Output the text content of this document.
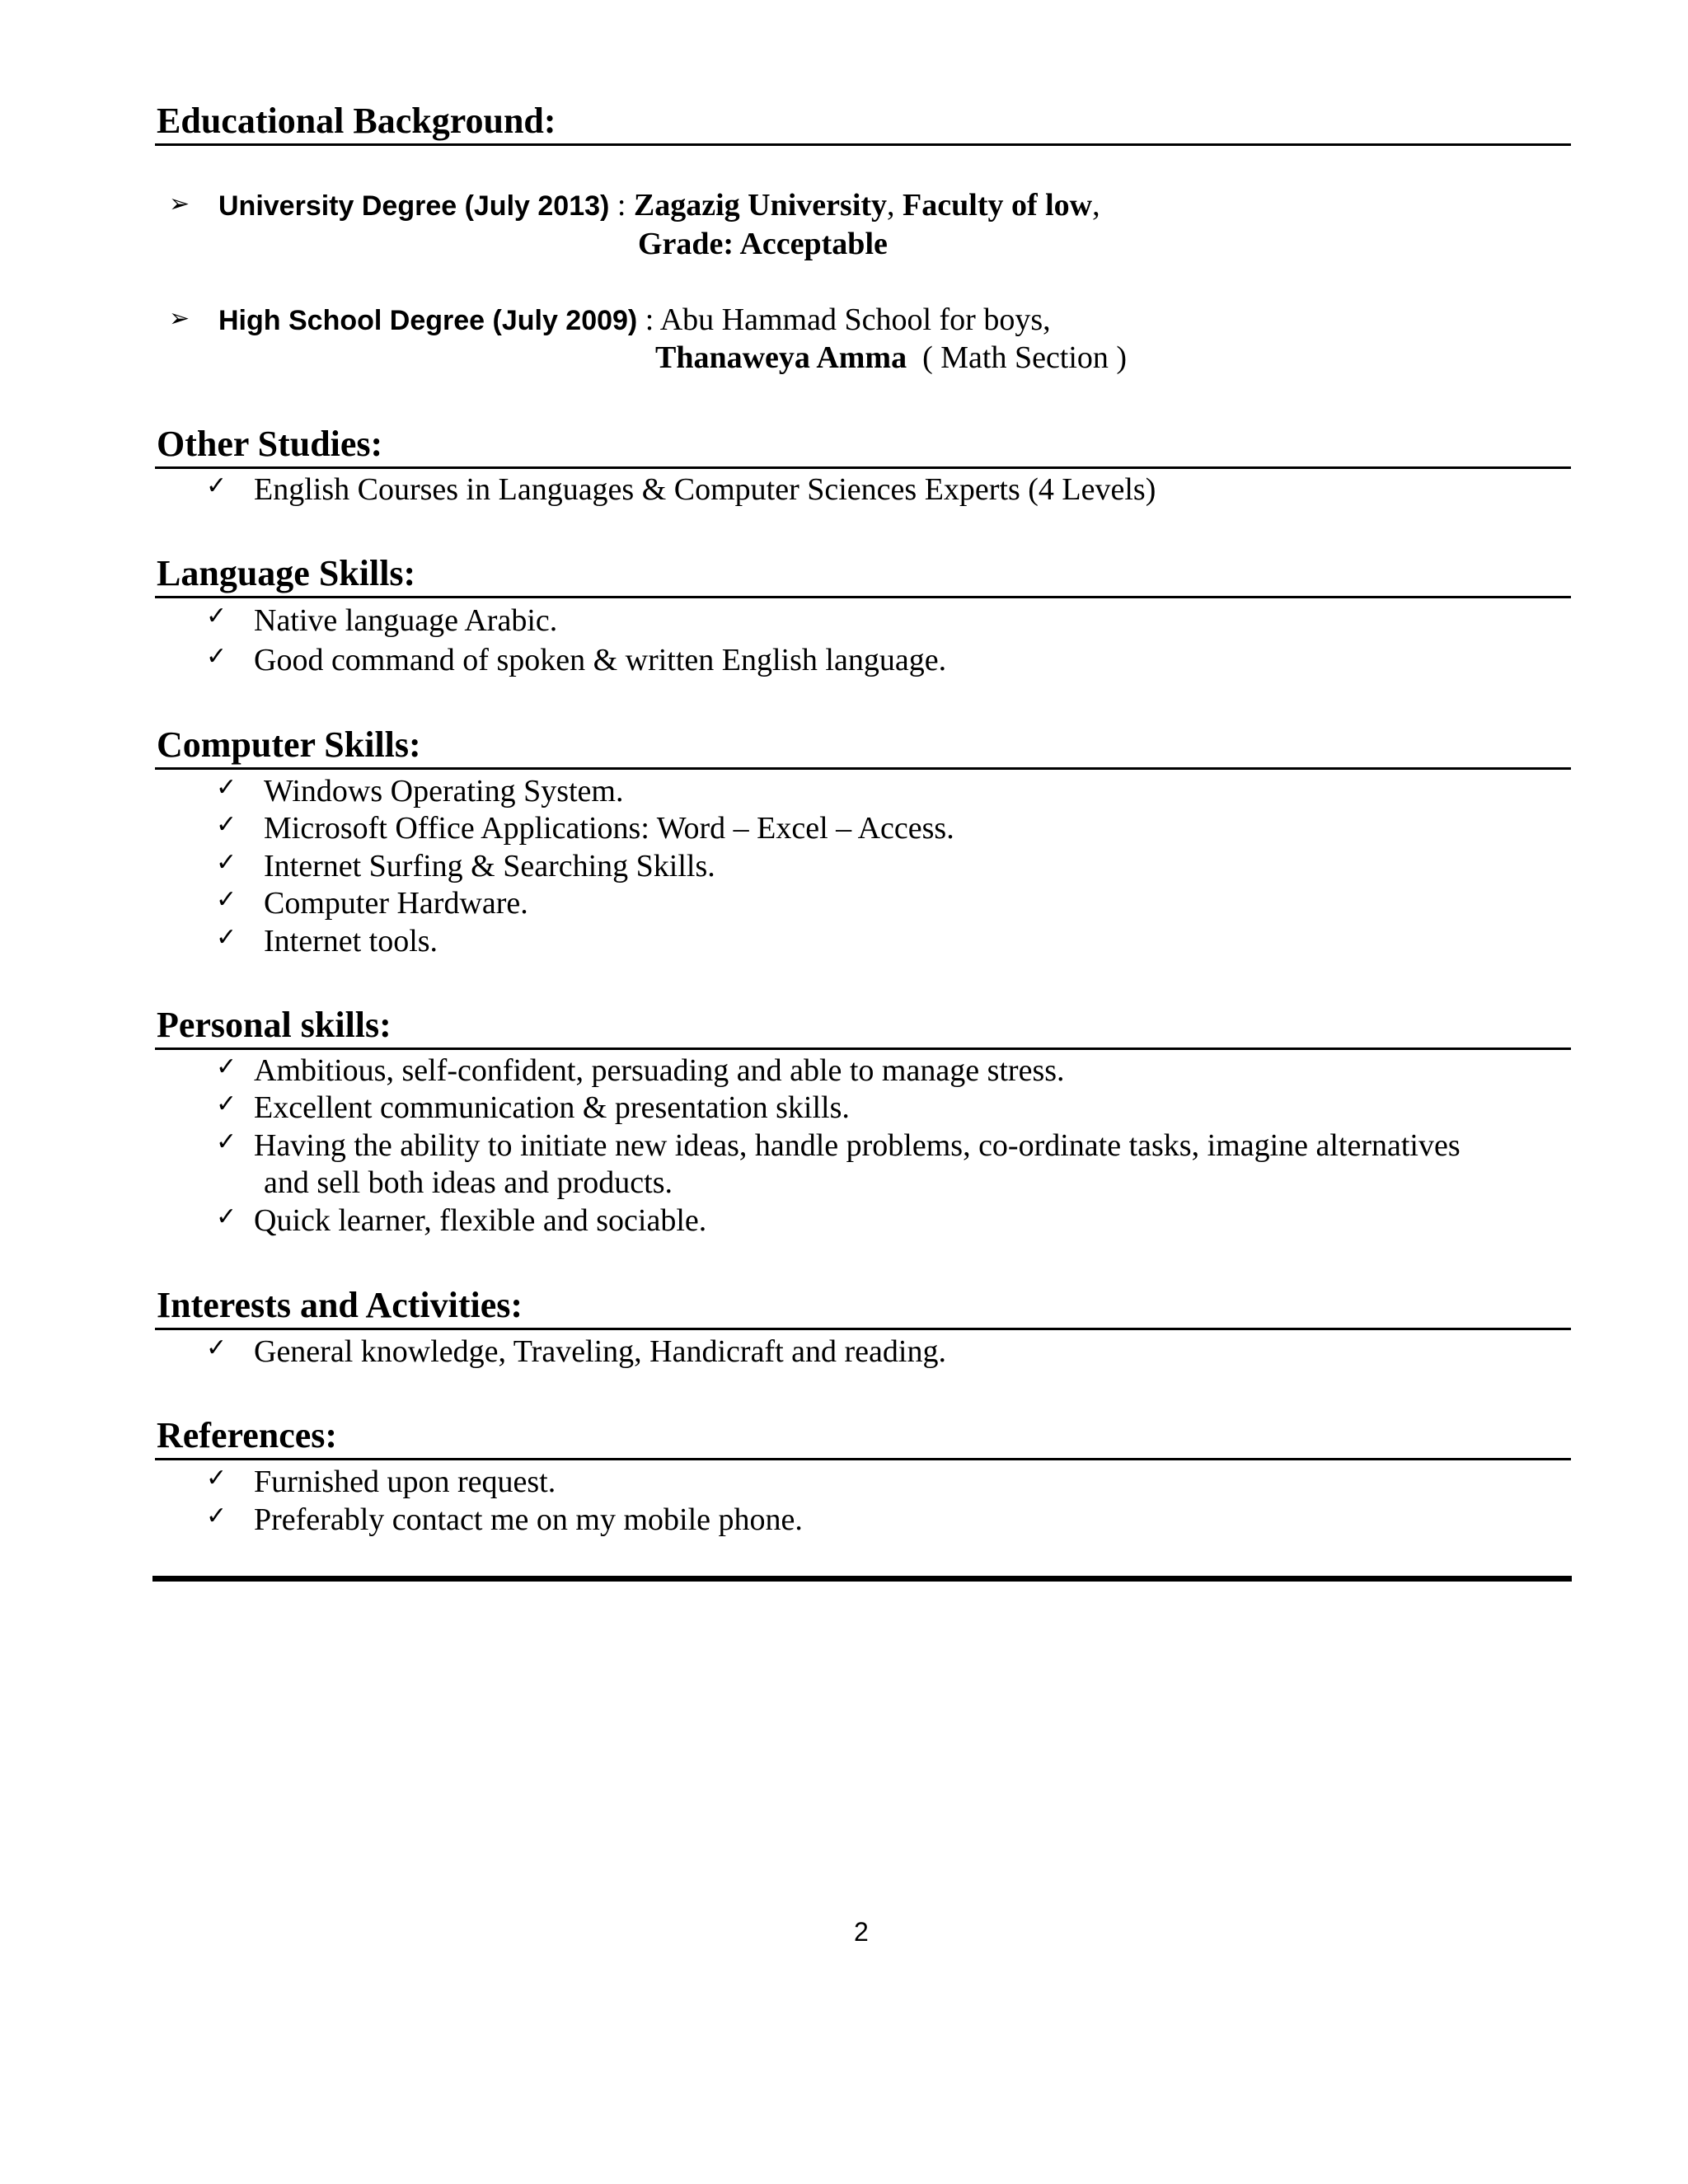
Educational Background:
➢ University Degree (July 2013) : Zagazig University, Faculty of low,
Grade: Acceptable
➢ High School Degree (July 2009) : Abu Hammad School for boys,
Thanaweya Amma  ( Math Section )
Other Studies:
✓ English Courses in Languages & Computer Sciences Experts (4 Levels)
Language Skills:
✓ Native language Arabic.
✓ Good command of spoken & written English language.
Computer Skills:
✓ Windows Operating System.
✓ Microsoft Office Applications: Word – Excel – Access.
✓ Internet Surfing & Searching Skills.
✓ Computer Hardware.
✓ Internet tools.
Personal skills:
✓ Ambitious, self-confident, persuading and able to manage stress.
✓ Excellent communication & presentation skills.
✓ Having the ability to initiate new ideas, handle problems, co-ordinate tasks, imagine alternatives
and sell both ideas and products.
✓ Quick learner, flexible and sociable.
Interests and Activities:
✓ General knowledge, Traveling, Handicraft and reading.
References:
✓ Furnished upon request.
✓ Preferably contact me on my mobile phone.
2
